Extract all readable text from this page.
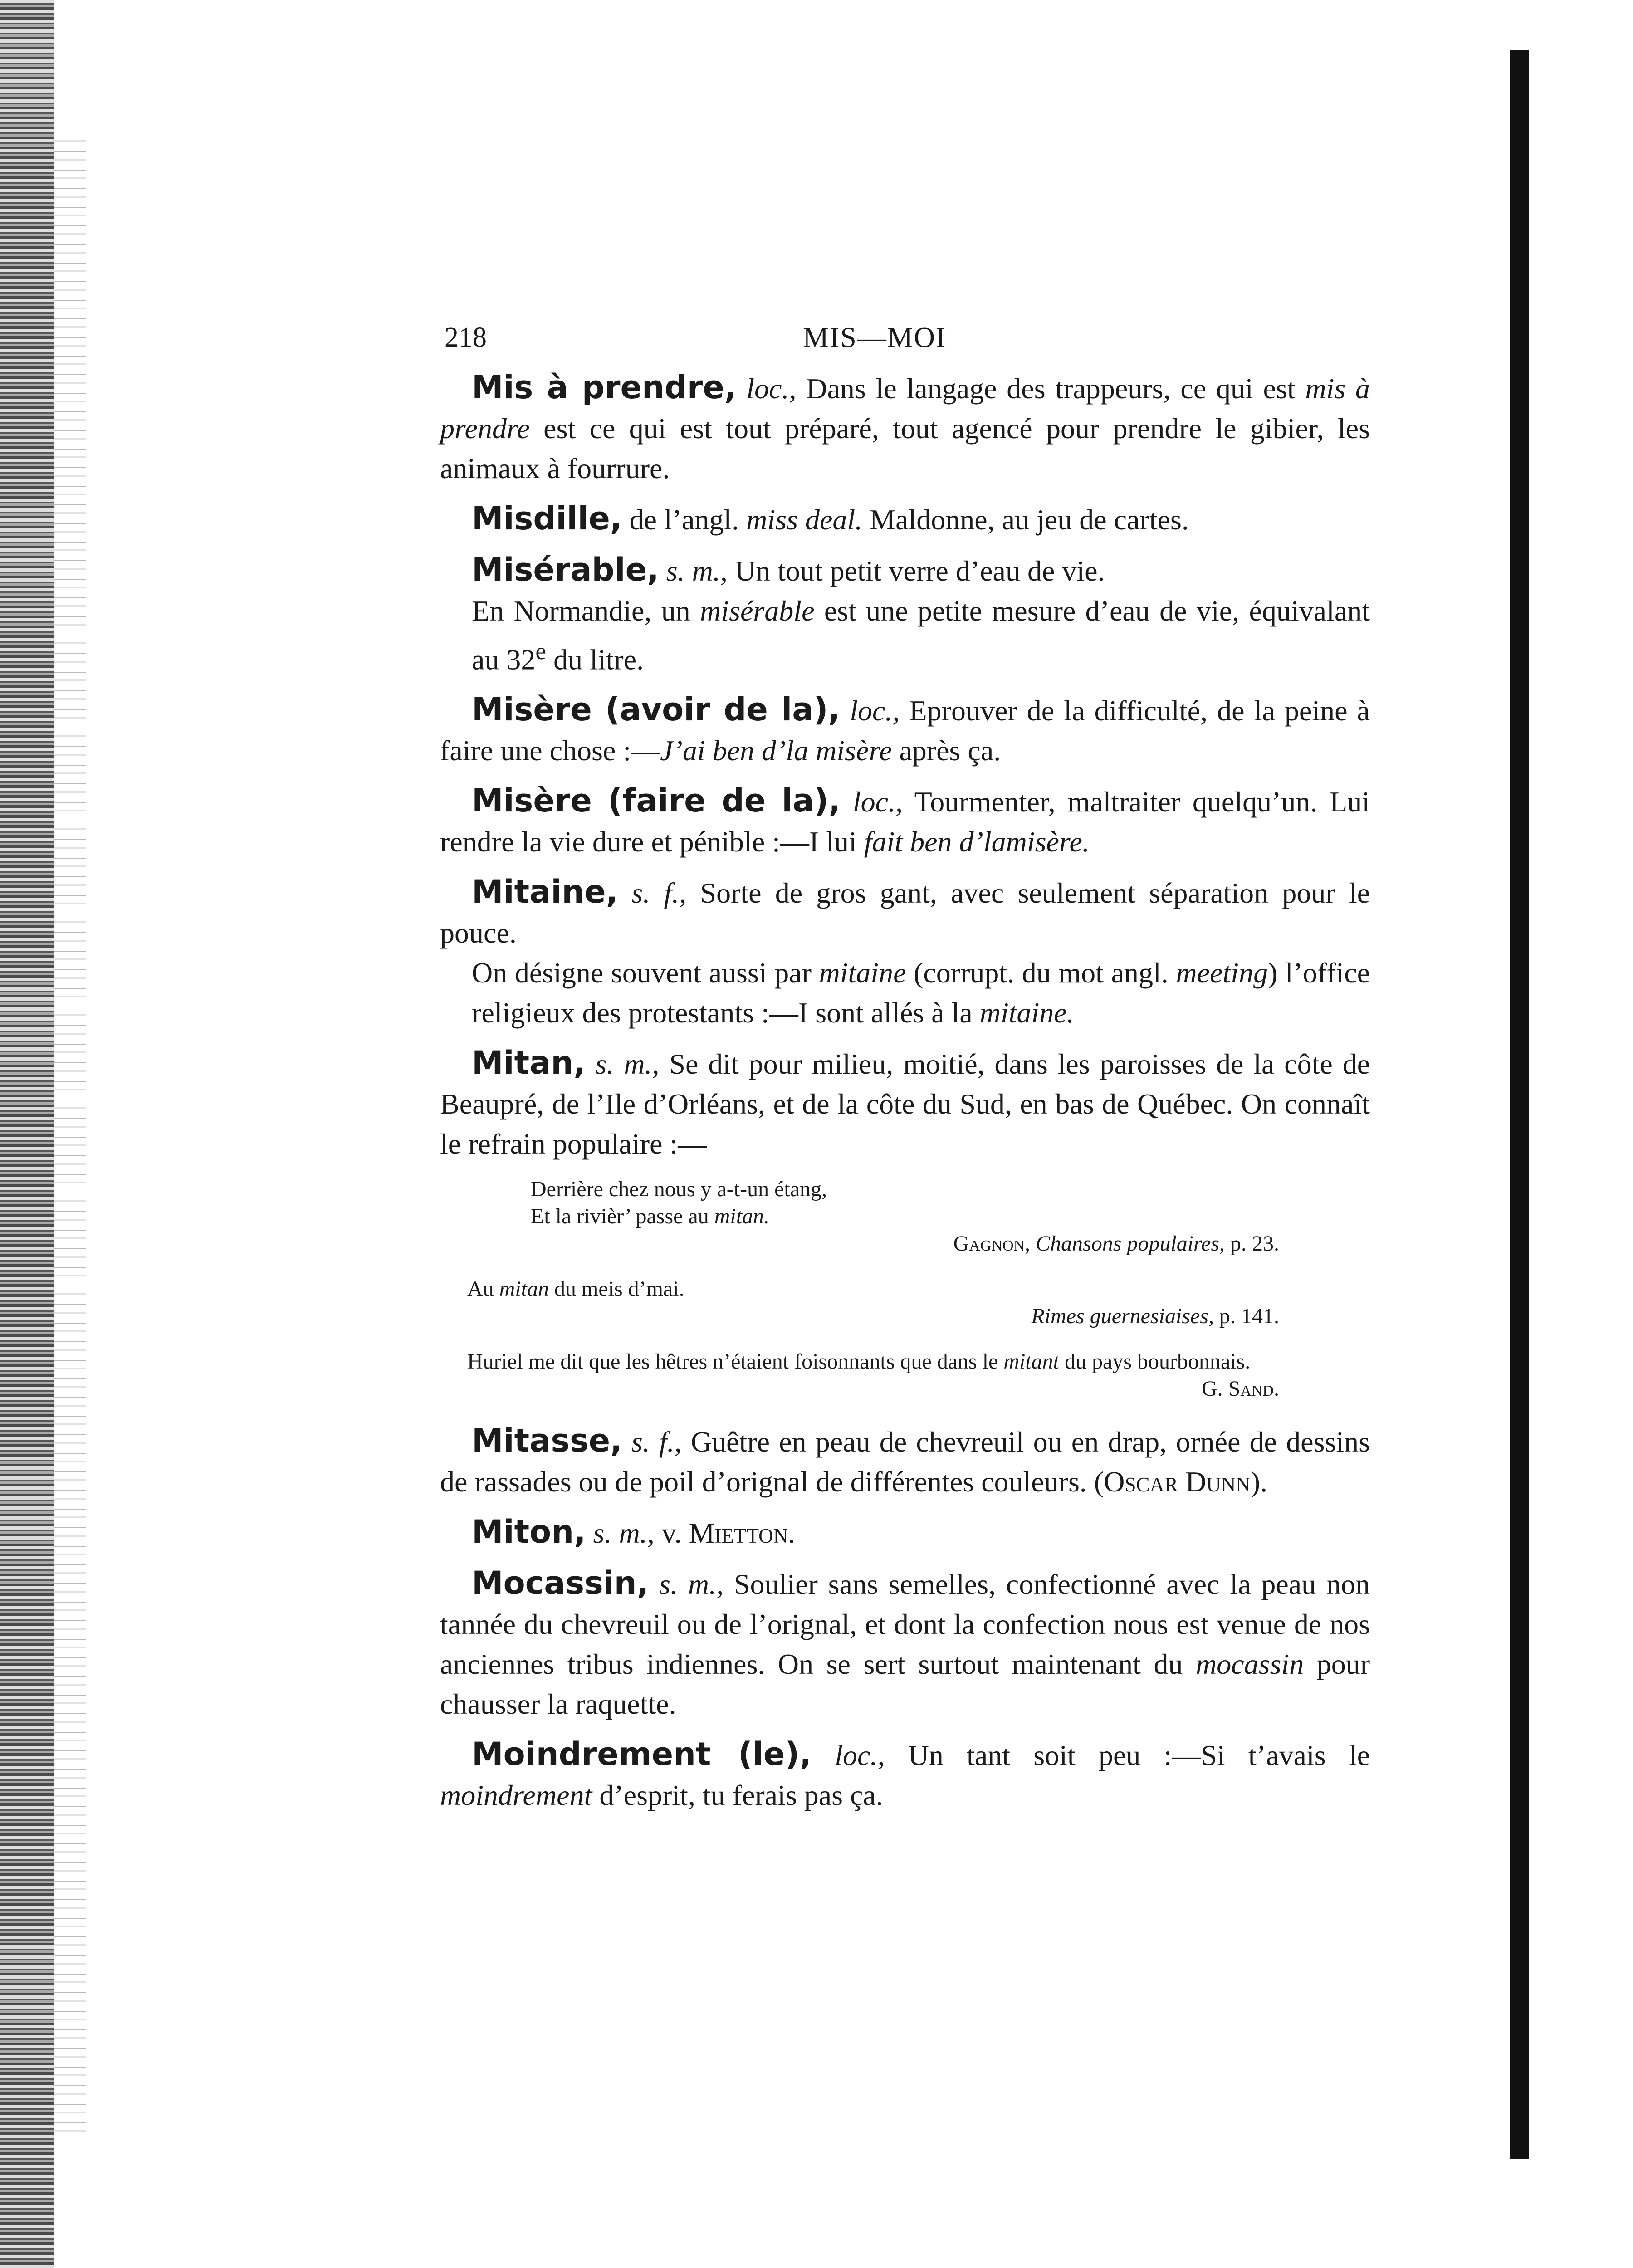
218	MIS—MOI

Mis à prendre, loc., Dans le langage des trappeurs, ce qui est mis à prendre est ce qui est tout préparé, tout agencé pour prendre le gibier, les animaux à fourrure.

Misdille, de l’angl. miss deal. Maldonne, au jeu de cartes.

Misérable, s. m., Un tout petit verre d’eau de vie.
En Normandie, un misérable est une petite mesure d’eau de vie, équivalant au 32e du litre.

Misère (avoir de la), loc., Eprouver de la difficulté, de la peine à faire une chose :—J’ai ben d’la misère après ça.

Misère (faire de la), loc., Tourmenter, maltraiter quelqu’un. Lui rendre la vie dure et pénible :—I lui fait ben d’lamisère.

Mitaine, s. f., Sorte de gros gant, avec seulement séparation pour le pouce.
On désigne souvent aussi par mitaine (corrupt. du mot angl. meeting) l’office religieux des protestants :—I sont allés à la mitaine.

Mitan, s. m., Se dit pour milieu, moitié, dans les paroisses de la côte de Beaupré, de l’Ile d’Orléans, et de la côte du Sud, en bas de Québec. On connaît le refrain populaire :—

Derrière chez nous y a-t-un étang,
Et la rivièr’ passe au mitan.
Gagnon, Chansons populaires, p. 23.
Au mitan du meis d’mai.
Rimes guernesiaises, p. 141.
Huriel me dit que les hêtres n’étaient foisonnants que dans le mitant du pays bourbonnais.
G. Sand.

Mitasse, s. f., Guêtre en peau de chevreuil ou en drap, ornée de dessins de rassades ou de poil d’orignal de différentes couleurs. (Oscar Dunn).

Miton, s. m., v. Mietton.

Mocassin, s. m., Soulier sans semelles, confectionné avec la peau non tannée du chevreuil ou de l’orignal, et dont la confection nous est venue de nos anciennes tribus indiennes. On se sert surtout maintenant du mocassin pour chausser la raquette.

Moindrement (le), loc., Un tant soit peu :—Si t’avais le moindrement d’esprit, tu ferais pas ça.
